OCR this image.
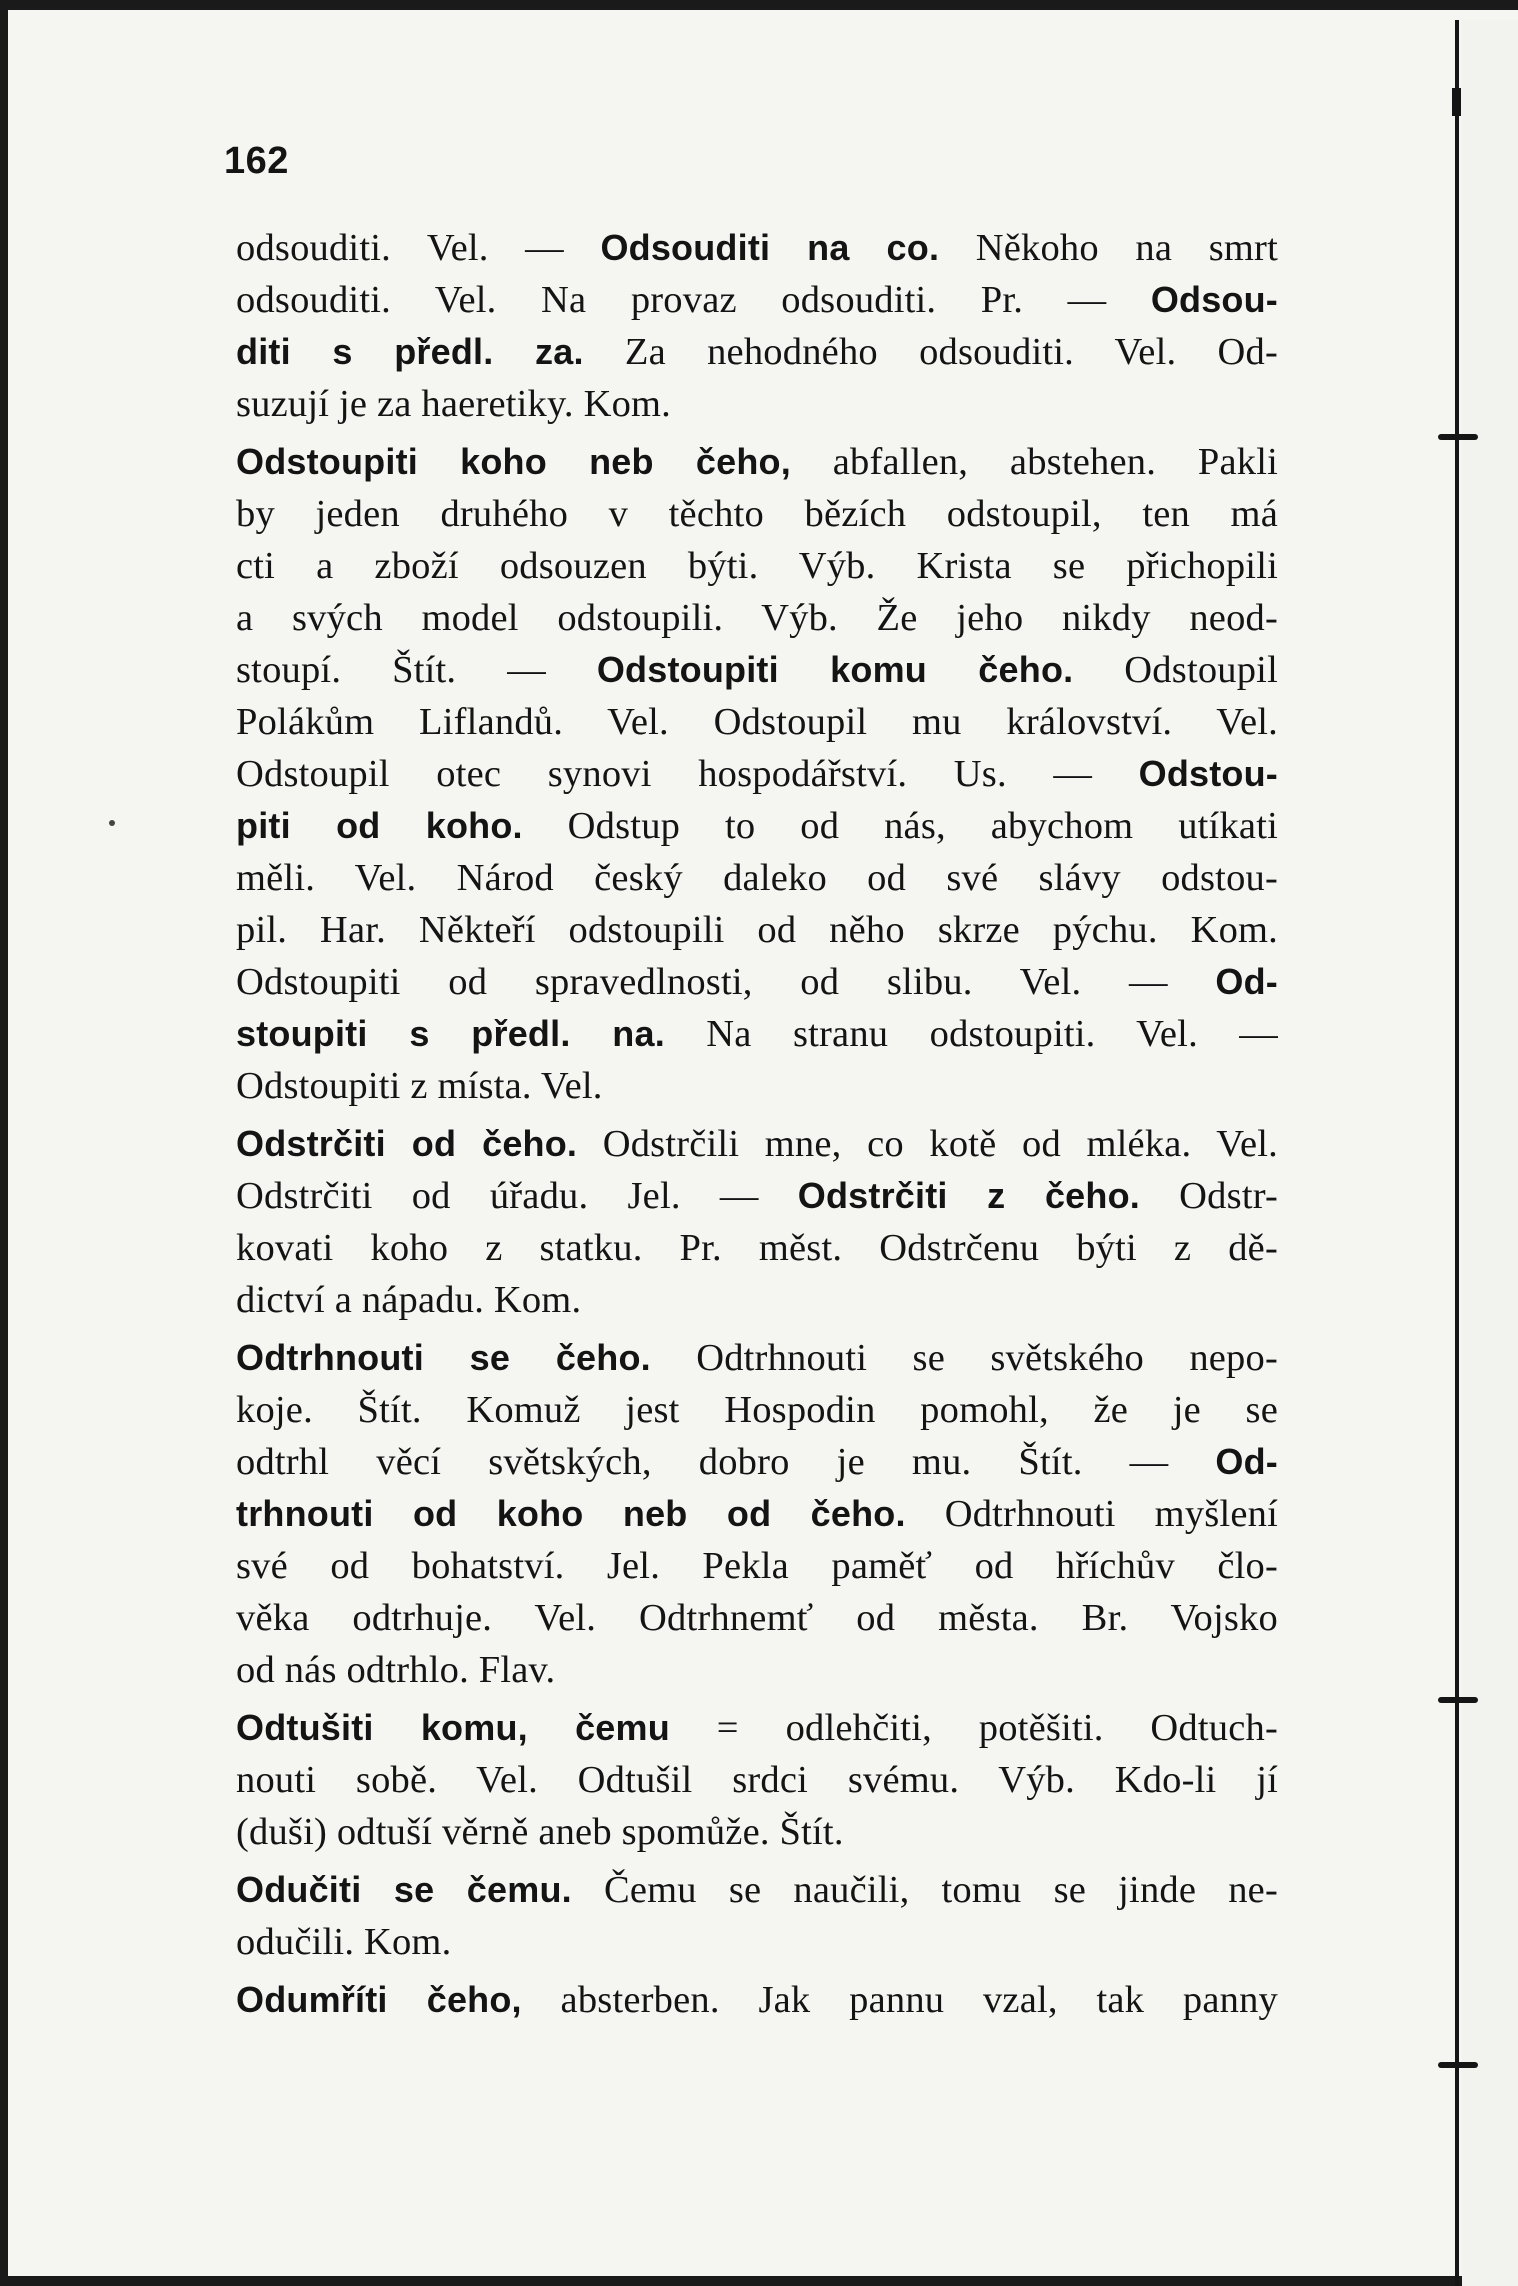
162
odsouditi. Vel. — Odsouditi na co. Někoho na smrt
odsouditi. Vel. Na provaz odsouditi. Pr. — Odsou-
diti s předl. za. Za nehodného odsouditi. Vel. Od-
suzují je za haeretiky. Kom.
Odstoupiti koho neb čeho, abfallen, abstehen. Pakli
by jeden druhého v těchto bězích odstoupil, ten má
cti a zboží odsouzen býti. Výb. Krista se přichopili
a svých model odstoupili. Výb. Že jeho nikdy neod-
stoupí. Štít. — Odstoupiti komu čeho. Odstoupil
Polákům Liflandů. Vel. Odstoupil mu království. Vel.
Odstoupil otec synovi hospodářství. Us. — Odstou-
piti od koho. Odstup to od nás, abychom utíkati
měli. Vel. Národ český daleko od své slávy odstou-
pil. Har. Někteří odstoupili od něho skrze pýchu. Kom.
Odstoupiti od spravedlnosti, od slibu. Vel. — Od-
stoupiti s předl. na. Na stranu odstoupiti. Vel. —
Odstoupiti z místa. Vel.
Odstrčiti od čeho. Odstrčili mne, co kotě od mléka. Vel.
Odstrčiti od úřadu. Jel. — Odstrčiti z čeho. Odstr-
kovati koho z statku. Pr. měst. Odstrčenu býti z dě-
dictví a nápadu. Kom.
Odtrhnouti se čeho. Odtrhnouti se světského nepo-
koje. Štít. Komuž jest Hospodin pomohl, že je se
odtrhl věcí světských, dobro je mu. Štít. — Od-
trhnouti od koho neb od čeho. Odtrhnouti myšlení
své od bohatství. Jel. Pekla paměť od hříchův člo-
věka odtrhuje. Vel. Odtrhnemť od města. Br. Vojsko
od nás odtrhlo. Flav.
Odtušiti komu, čemu = odlehčiti, potěšiti. Odtuch-
nouti sobě. Vel. Odtušil srdci svému. Výb. Kdo-li jí
(duši) odtuší věrně aneb spomůže. Štít.
Odučiti se čemu. Čemu se naučili, tomu se jinde ne-
odučili. Kom.
Odumříti čeho, absterben. Jak pannu vzal, tak panny
